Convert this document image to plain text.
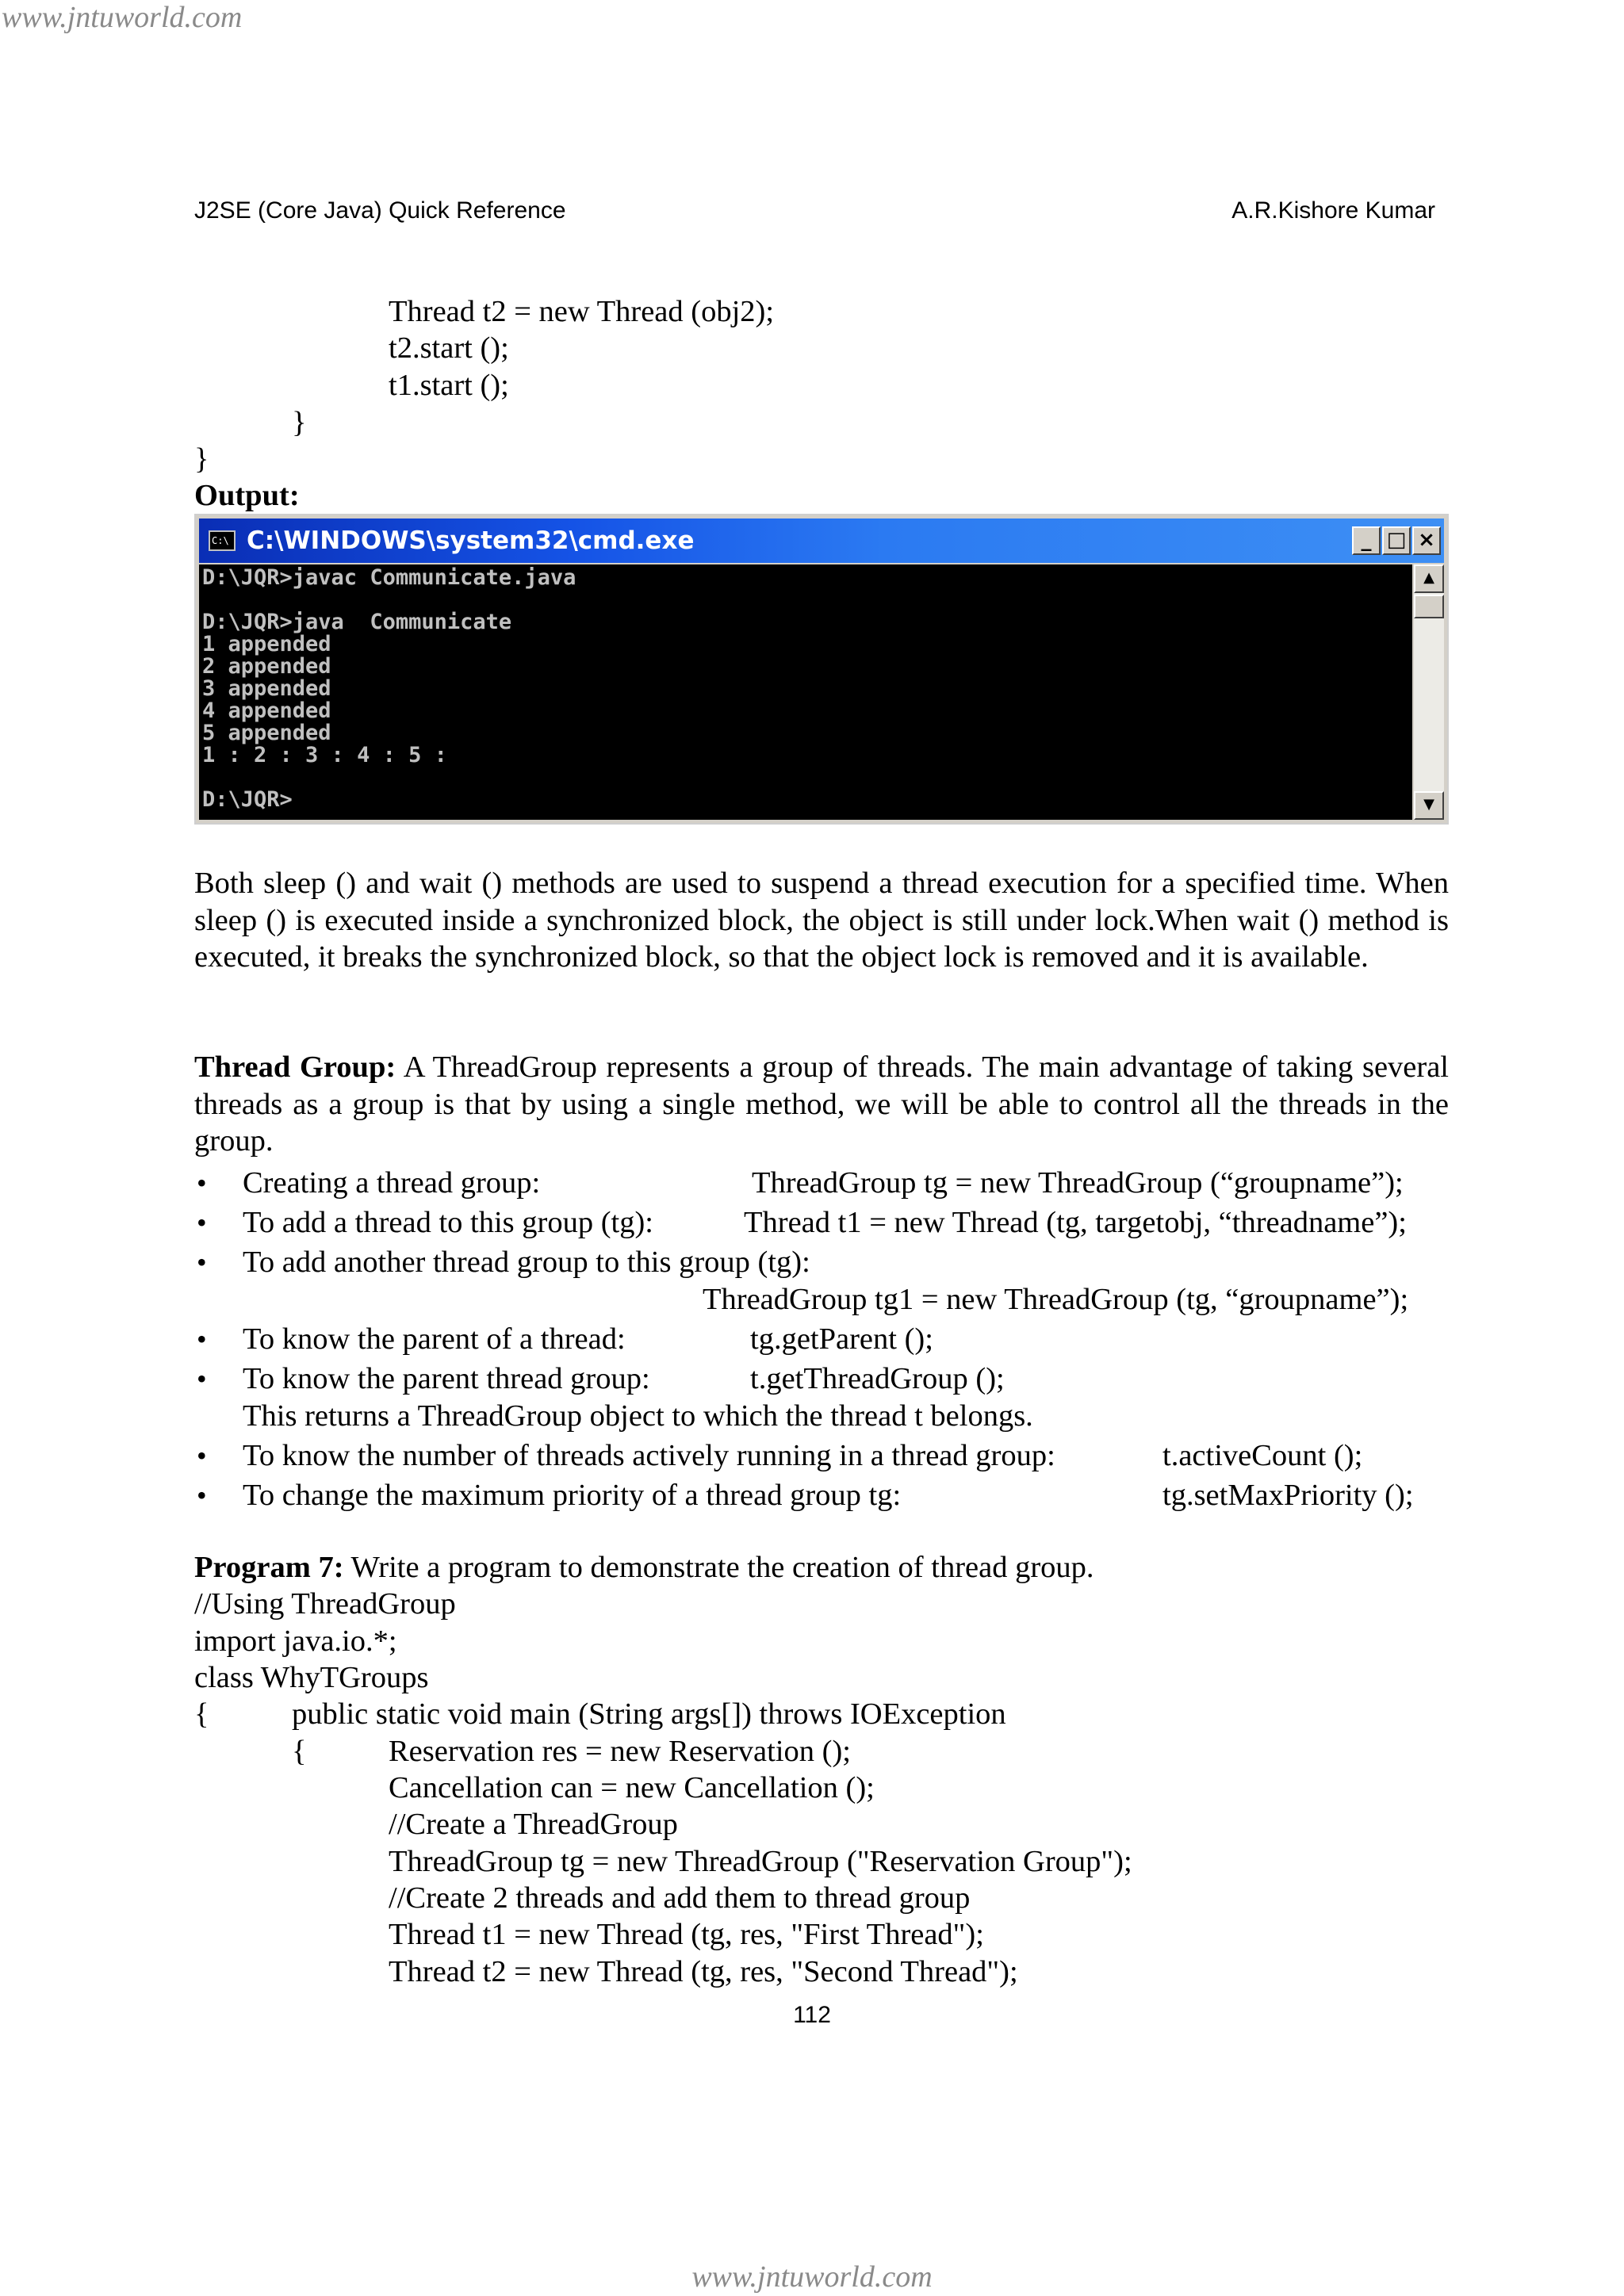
www.jntuworld.com
J2SE (Core Java) Quick Reference	A.R.Kishore Kumar
Thread t2 = new Thread (obj2);
t2.start ();
t1.start ();
}
}
Output:
C:\ C:\WINDOWS\system32\cmd.exe	_ □ ×
D:\JQR>javac Communicate.java
D:\JQR>java  Communicate
1 appended
2 appended
3 appended
4 appended
5 appended
1 : 2 : 3 : 4 : 5 :
D:\JQR>
▲
▼
Both sleep () and wait () methods are used to suspend a thread execution for a specified time. When sleep () is executed inside a synchronized block, the object is still under lock.When wait () method is executed, it breaks the synchronized block, so that the object lock is removed and it is available.
Thread Group: A ThreadGroup represents a group of threads. The main advantage of taking several threads as a group is that by using a single method, we will be able to control all the threads in the group.
• Creating a thread group:	ThreadGroup tg = new ThreadGroup (“groupname”);
• To add a thread to this group (tg):	Thread t1 = new Thread (tg, targetobj, “threadname”);
• To add another thread group to this group (tg):
ThreadGroup tg1 = new ThreadGroup (tg, “groupname”);
• To know the parent of a thread:	tg.getParent ();
• To know the parent thread group:	t.getThreadGroup ();
This returns a ThreadGroup object to which the thread t belongs.
• To know the number of threads actively running in a thread group:	t.activeCount ();
• To change the maximum priority of a thread group tg:	tg.setMaxPriority ();
Program 7: Write a program to demonstrate the creation of thread group.
//Using ThreadGroup
import java.io.*;
class WhyTGroups
{	public static void main (String args[]) throws IOException
{	Reservation res = new Reservation ();
Cancellation can = new Cancellation ();
//Create a ThreadGroup
ThreadGroup tg = new ThreadGroup ("Reservation Group");
//Create 2 threads and add them to thread group
Thread t1 = new Thread (tg, res, "First Thread");
Thread t2 = new Thread (tg, res, "Second Thread");
112
www.jntuworld.com
